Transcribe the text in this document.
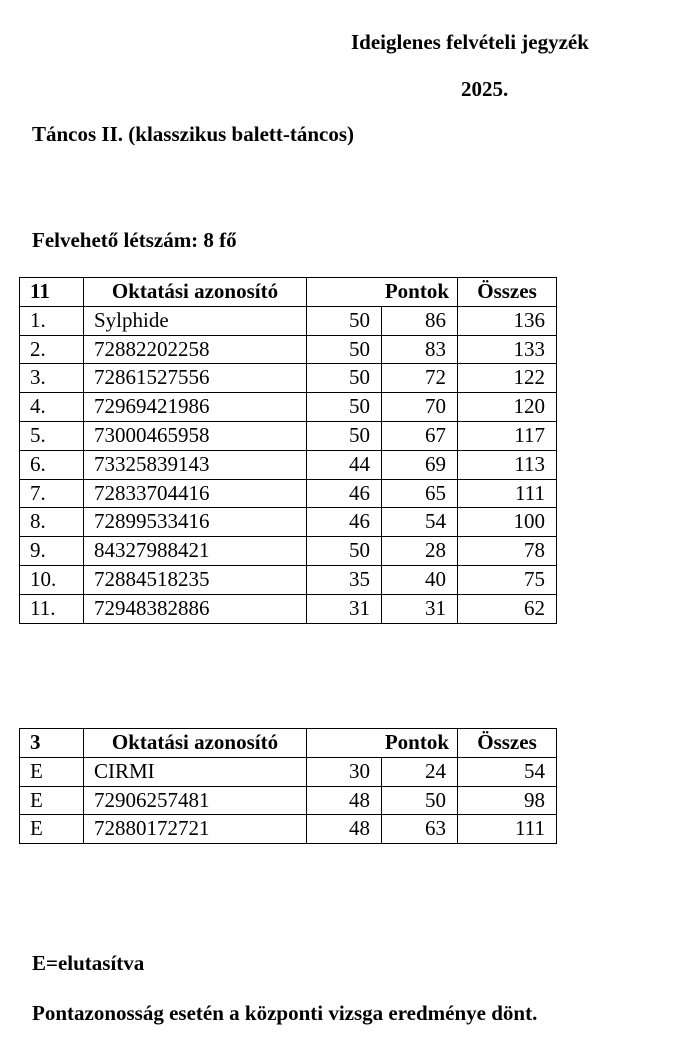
Ideiglenes felvételi jegyzék
2025.
Táncos II. (klasszikus balett-táncos)
Felvehető létszám: 8 fő
11	Oktatási azonosító	Pontok		Összes
1.	Sylphide	50	86	136
2.	72882202258	50	83	133
3.	72861527556	50	72	122
4.	72969421986	50	70	120
5.	73000465958	50	67	117
6.	73325839143	44	69	113
7.	72833704416	46	65	111
8.	72899533416	46	54	100
9.	84327988421	50	28	78
10.	72884518235	35	40	75
11.	72948382886	31	31	62
3	Oktatási azonosító	Pontok		Összes
E	CIRMI	30	24	54
E	72906257481	48	50	98
E	72880172721	48	63	111
E=elutasítva
Pontazonosság esetén a központi vizsga eredménye dönt.
